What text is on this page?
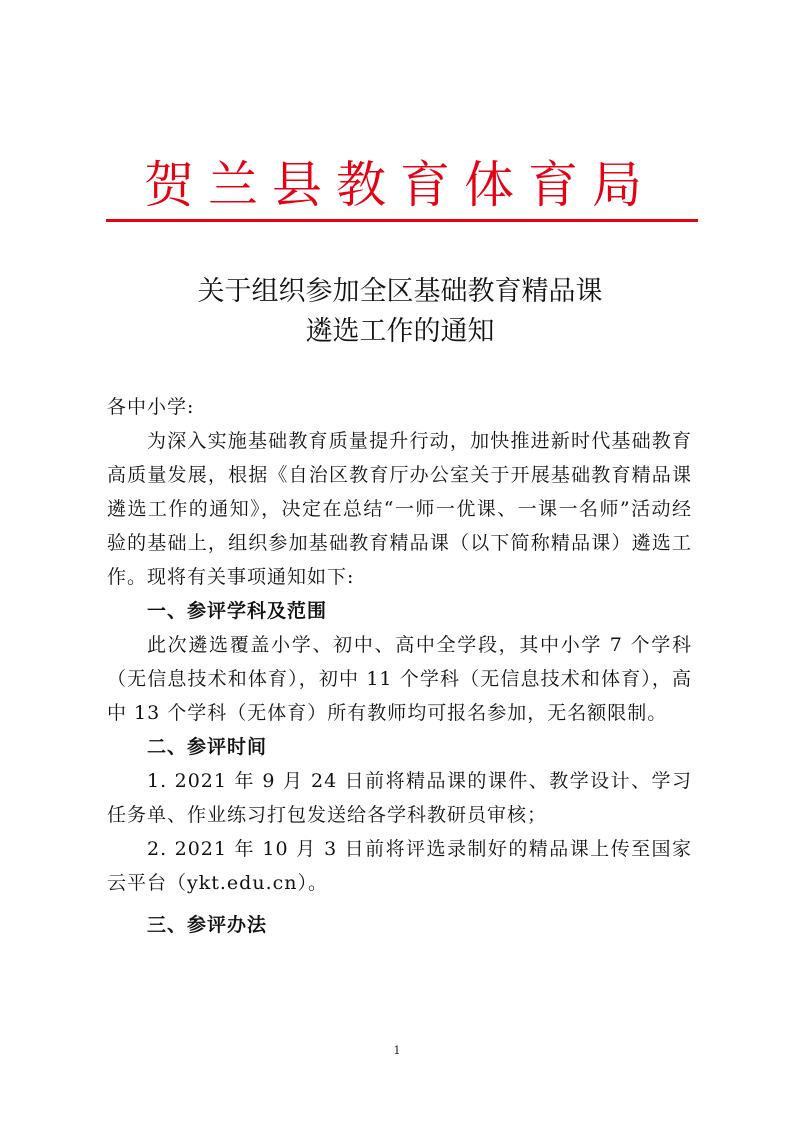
贺兰县教育体育局
关于组织参加全区基础教育精品课
遴选工作的通知

各中小学:

为深入实施基础教育质量提升行动，加快推进新时代基础教育高质量发展，根据《自治区教育厅办公室关于开展基础教育精品课遴选工作的通知》，决定在总结“一师一优课、一课一名师”活动经验的基础上，组织参加基础教育精品课（以下简称精品课）遴选工作。现将有关事项通知如下:

一、参评学科及范围

此次遴选覆盖小学、初中、高中全学段，其中小学 7 个学科（无信息技术和体育），初中 11 个学科（无信息技术和体育），高中 13 个学科（无体育）所有教师均可报名参加，无名额限制。

二、参评时间

1. 2021 年 9 月 24 日前将精品课的课件、教学设计、学习任务单、作业练习打包发送给各学科教研员审核；

2. 2021 年 10 月 3 日前将评选录制好的精品课上传至国家云平台（ykt.edu.cn）。

三、参评办法

1
